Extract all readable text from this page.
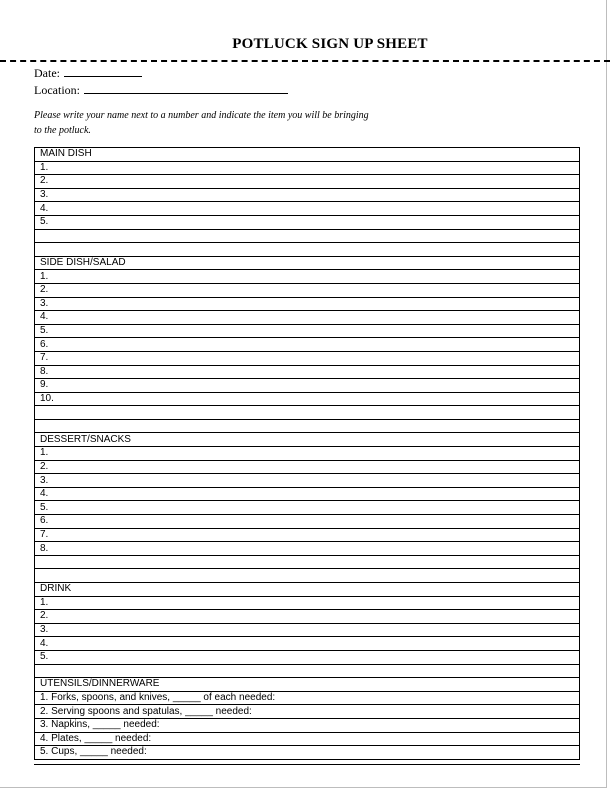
POTLUCK SIGN UP SHEET
Date:
Location:
Please write your name next to a number and indicate the item you will be bringing to the potluck.
MAIN DISH
1.
2.
3.
4.
5.

SIDE DISH/SALAD
1.
2.
3.
4.
5.
6.
7.
8.
9.
10.

DESSERT/SNACKS
1.
2.
3.
4.
5.
6.
7.
8.

DRINK
1.
2.
3.
4.
5.

UTENSILS/DINNERWARE
1. Forks, spoons, and knives, _____ of each needed:
2. Serving spoons and spatulas, _____ needed:
3. Napkins, _____ needed:
4. Plates, _____ needed:
5. Cups, _____ needed:
